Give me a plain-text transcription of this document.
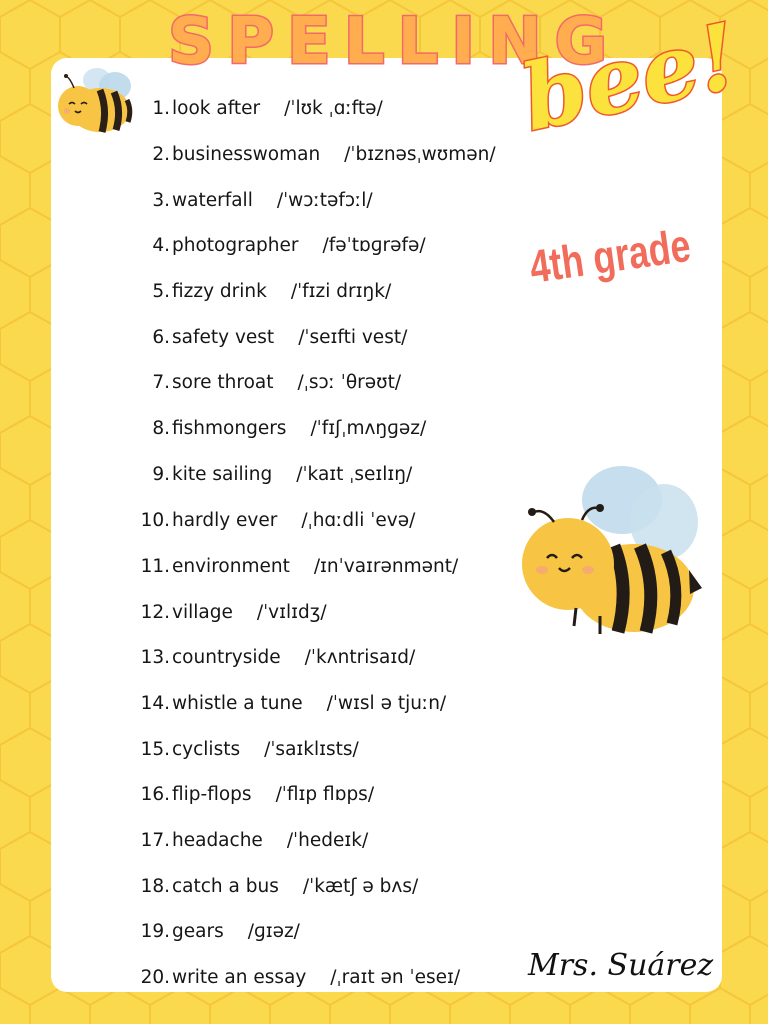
SPELLING
bee!
4th grade
1. look after /ˈlʊk ˌɑːftə/
2. businesswoman /ˈbɪznəsˌwʊmən/
3. waterfall /ˈwɔːtəfɔːl/
4. photographer /fəˈtɒɡrəfə/
5. fizzy drink /ˈfɪzi drɪŋk/
6. safety vest /ˈseɪfti vest/
7. sore throat /ˌsɔː ˈθrəʊt/
8. fishmongers /ˈfɪʃˌmʌŋɡəz/
9. kite sailing /ˈkaɪt ˌseɪlɪŋ/
10. hardly ever /ˌhɑːdli ˈevə/
11. environment /ɪnˈvaɪrənmənt/
12. village /ˈvɪlɪdʒ/
13. countryside /ˈkʌntrisaɪd/
14. whistle a tune /ˈwɪsl ə tjuːn/
15. cyclists /ˈsaɪklɪsts/
16. flip-flops /ˈflɪp flɒps/
17. headache /ˈhedeɪk/
18. catch a bus /ˈkætʃ ə bʌs/
19. gears /ɡɪəz/
20. write an essay /ˌraɪt ən ˈeseɪ/ Mrs. Suárez
